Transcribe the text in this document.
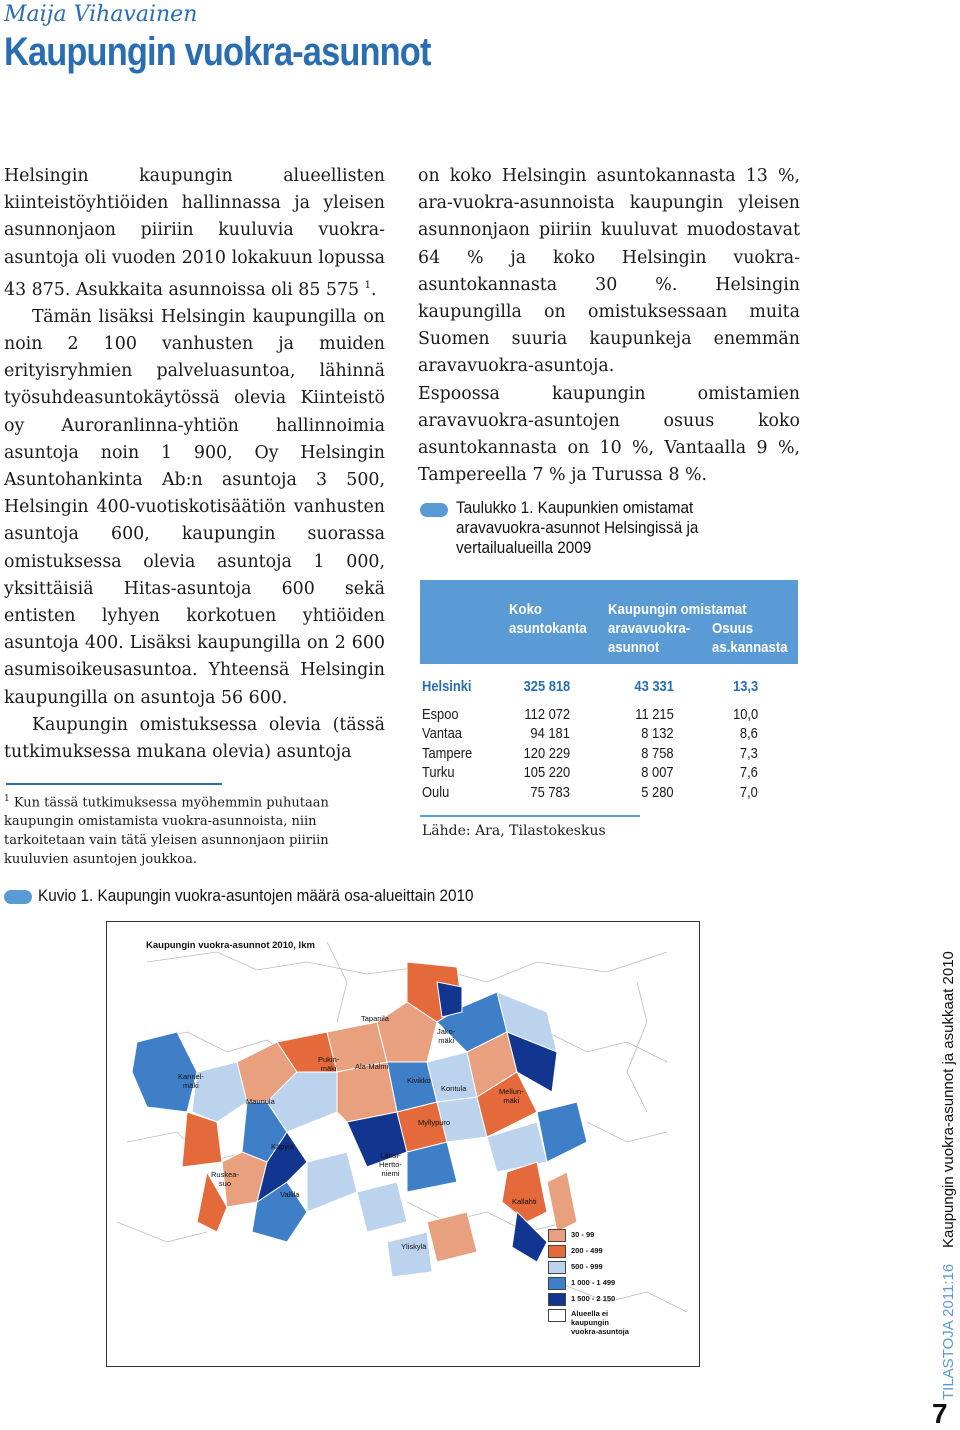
Maija Vihavainen
Kaupungin vuokra-asunnot

Helsingin kaupungin alueellisten kiinteistöyhtiöiden hallinnassa ja yleisen asunnonjaon piiriin kuuluvia vuokra-asuntoja oli vuoden 2010 lokakuun lopussa 43 875. Asukkaita asunnoissa oli 85 575 $^1$.

Tämän lisäksi Helsingin kaupungilla on noin 2 100 vanhusten ja muiden erityisryhmien palveluasuntoa, lähinnä työsuhdeasuntokäytössä olevia Kiinteistö oy Auroranlinna-yhtiön hallinnoimia asuntoja noin 1 900, Oy Helsingin Asuntohankinta Ab:n asuntoja 3 500, Helsingin 400-vuotiskotisäätiön vanhusten asuntoja 600, kaupungin suorassa omistuksessa olevia asuntoja 1 000, yksittäisiä Hitas-asuntoja 600 sekä entisten lyhyen korkotuen yhtiöiden asuntoja 400. Lisäksi kaupungilla on 2 600 asumisoikeusasuntoa. Yhteensä Helsingin kaupungilla on asuntoja 56 600.

Kaupungin omistuksessa olevia (tässä tutkimuksessa mukana olevia) asuntoja

$^1$ Kun tässä tutkimuksessa myöhemmin puhutaan kaupungin omistamista vuokra-asunnoista, niin tarkoitetaan vain tätä yleisen asunnonjaon piiriin kuuluvien asuntojen joukkoa.

on koko Helsingin asuntokannasta 13 %, ara-vuokra-asunnoista kaupungin yleisen asunnonjaon piiriin kuuluvat muodostavat 64 % ja koko Helsingin vuokra-asuntokannasta 30 %. Helsingin kaupungilla on omistuksessaan muita Suomen suuria kaupunkeja enemmän aravavuokra-asuntoja.

Espoossa kaupungin omistamien aravavuokra-asuntojen osuus koko asuntokannasta on 10 %, Vantaalla 9 %, Tampereella 7 % ja Turussa 8 %.

Taulukko 1. Kaupunkien omistamat
aravavuokra-asunnot Helsingissä ja
vertailualueilla 2009
Koko
asuntokanta
Kaupungin omistamat
aravavuokra-
asunnot
Osuus
as.kannasta
Helsinki	325 818	43 331	13,3
Espoo	112 072	11 215	10,0
Vantaa	94 181	8 132	8,6
Tampere	120 229	8 758	7,3
Turku	105 220	8 007	7,6
Oulu	75 783	5 280	7,0
Lähde: Ara, Tilastokeskus
Kuvio 1. Kaupungin vuokra-asuntojen määrä osa-alueittain 2010
Kaupungin vuokra-asunnot 2010, lkm
Tapanila
Jako-
mäki
Pukin-
mäki	Ala-Malmi
Kannel-
mäki
Maunula
Kivikko
Kontula	Mellun-
mäki
Myllypuro
Käpylä
Länsi-
Hertto-
niemi
Ruskea-
suo
Vallila
Kallahti
Yliskylä
30 - 99
200 - 499
500 - 999
1 000 - 1 499
1 500 - 2 150
Alueella ei
kaupungin
vuokra-asuntoja	TILASTOJA 2011:16
Kaupungin vuokra-asunnot ja asukkaat 2010
7
